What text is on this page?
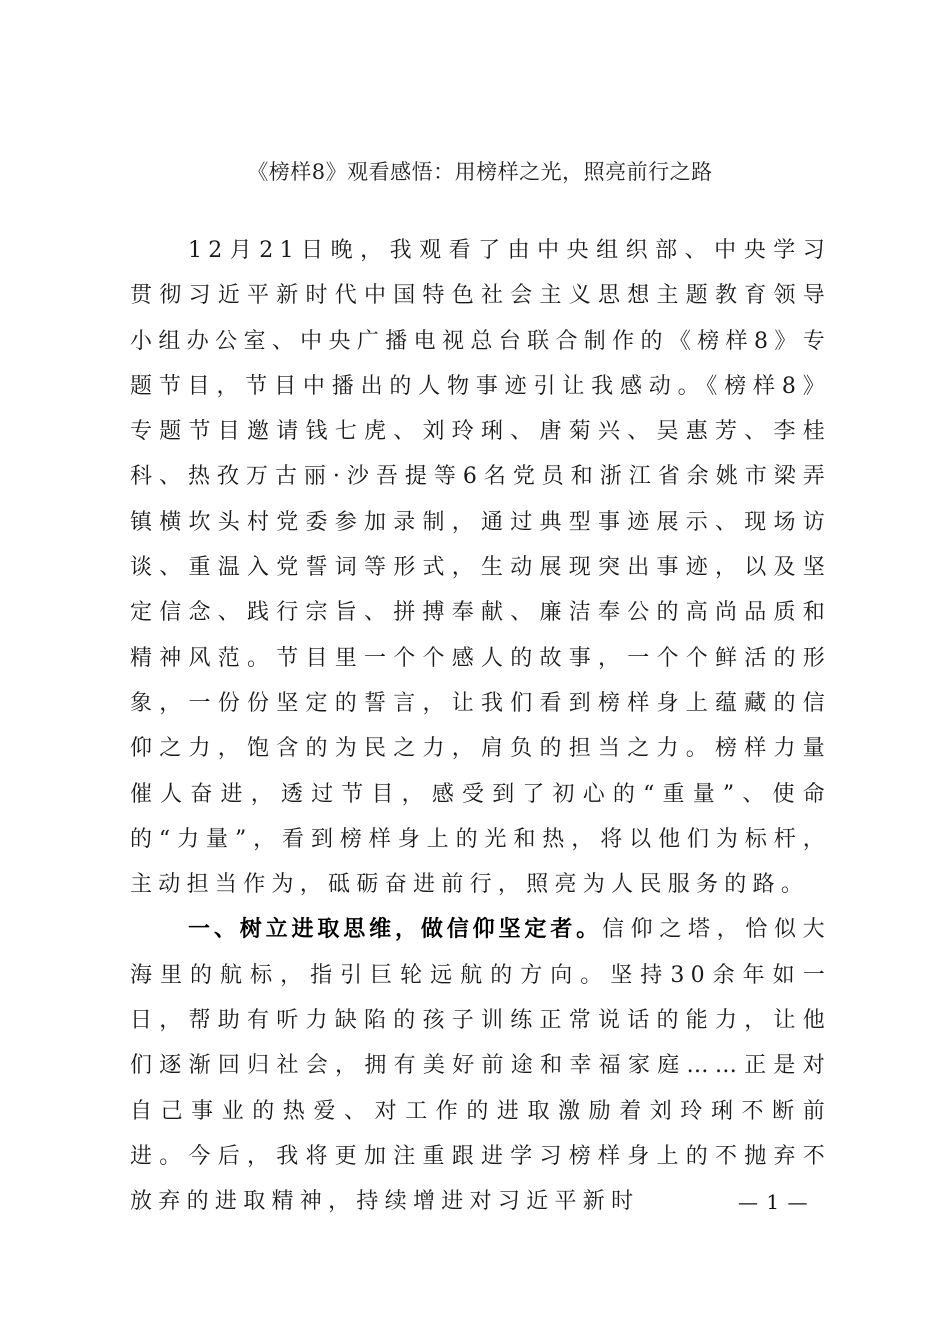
《榜样8》观看感悟：用榜样之光，照亮前行之路

12月21日晚，我观看了由中央组织部、中央学习贯彻习近平新时代中国特色社会主义思想主题教育领导小组办公室、中央广播电视总台联合制作的《榜样8》专题节目，节目中播出的人物事迹引让我感动。《榜样8》专题节目邀请钱七虎、刘玲琍、唐菊兴、吴惠芳、李桂科、热孜万古丽·沙吾提等6名党员和浙江省余姚市梁弄镇横坎头村党委参加录制，通过典型事迹展示、现场访谈、重温入党誓词等形式，生动展现突出事迹，以及坚定信念、践行宗旨、拼搏奉献、廉洁奉公的高尚品质和精神风范。节目里一个个感人的故事，一个个鲜活的形象，一份份坚定的誓言，让我们看到榜样身上蕴藏的信仰之力，饱含的为民之力，肩负的担当之力。榜样力量催人奋进，透过节目，感受到了初心的“重量”、使命的“力量”，看到榜样身上的光和热，将以他们为标杆，主动担当作为，砥砺奋进前行，照亮为人民服务的路。

一、树立进取思维，做信仰坚定者。信仰之塔，恰似大海里的航标，指引巨轮远航的方向。坚持30余年如一日，帮助有听力缺陷的孩子训练正常说话的能力，让他们逐渐回归社会，拥有美好前途和幸福家庭……正是对自己事业的热爱、对工作的进取激励着刘玲琍不断前进。今后，我将更加注重跟进学习榜样身上的不抛弃不放弃的进取精神，持续增进对习近平新时	— 1 —
